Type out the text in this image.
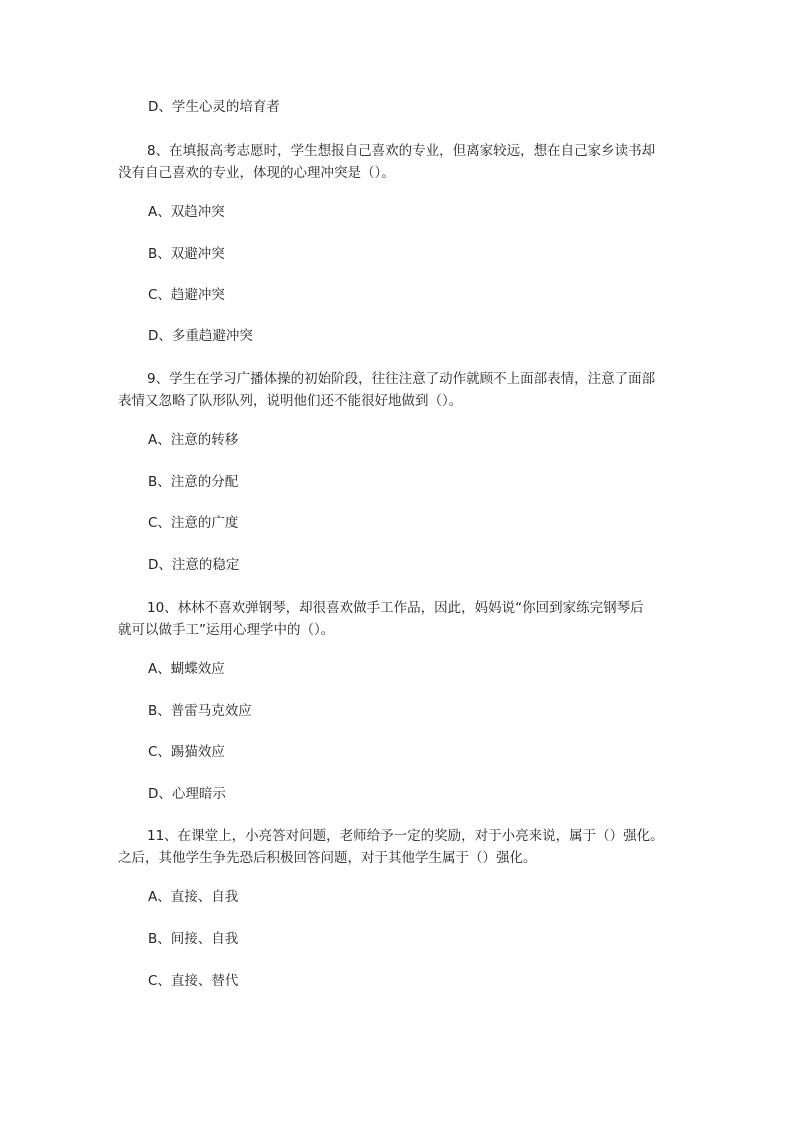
D、学生心灵的培育者
8、在填报高考志愿时，学生想报自己喜欢的专业，但离家较远，想在自己家乡读书却
没有自己喜欢的专业，体现的心理冲突是（）。
A、双趋冲突
B、双避冲突
C、趋避冲突
D、多重趋避冲突
9、学生在学习广播体操的初始阶段，往往注意了动作就顾不上面部表情，注意了面部
表情又忽略了队形队列，说明他们还不能很好地做到（）。
A、注意的转移
B、注意的分配
C、注意的广度
D、注意的稳定
10、林林不喜欢弹钢琴，却很喜欢做手工作品，因此，妈妈说“你回到家练完钢琴后
就可以做手工”运用心理学中的（）。
A、蝴蝶效应
B、普雷马克效应
C、踢猫效应
D、心理暗示
11、在课堂上，小亮答对问题，老师给予一定的奖励，对于小亮来说，属于（）强化。
之后，其他学生争先恐后积极回答问题，对于其他学生属于（）强化。
A、直接、自我
B、间接、自我
C、直接、替代
